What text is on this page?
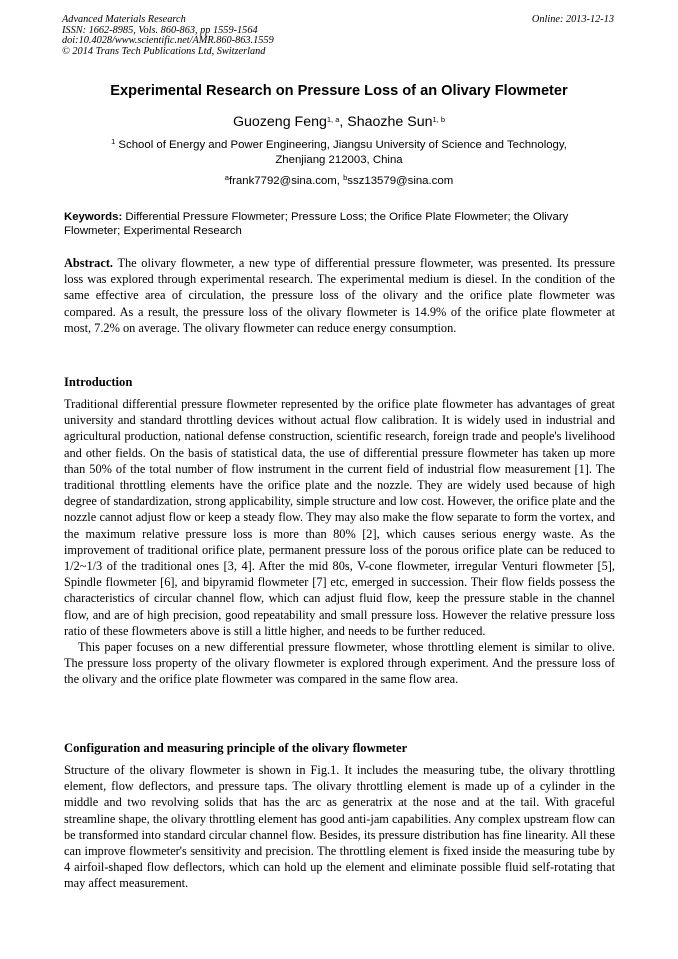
Advanced Materials Research
ISSN: 1662-8985, Vols. 860-863, pp 1559-1564
doi:10.4028/www.scientific.net/AMR.860-863.1559
© 2014 Trans Tech Publications Ltd, Switzerland
Online: 2013-12-13
Experimental Research on Pressure Loss of an Olivary Flowmeter
Guozeng Feng$^{1, a}$, Shaozhe Sun$^{1, b}$
$^1$ School of Energy and Power Engineering, Jiangsu University of Science and Technology,
Zhenjiang 212003, China
$^a$frank7792@sina.com, $^b$ssz13579@sina.com
Keywords: Differential Pressure Flowmeter; Pressure Loss; the Orifice Plate Flowmeter; the Olivary Flowmeter; Experimental Research
Abstract. The olivary flowmeter, a new type of differential pressure flowmeter, was presented. Its pressure loss was explored through experimental research. The experimental medium is diesel. In the condition of the same effective area of circulation, the pressure loss of the olivary and the orifice plate flowmeter was compared. As a result, the pressure loss of the olivary flowmeter is 14.9% of the orifice plate flowmeter at most, 7.2% on average. The olivary flowmeter can reduce energy consumption.
Introduction

Traditional differential pressure flowmeter represented by the orifice plate flowmeter has advantages of great university and standard throttling devices without actual flow calibration. It is widely used in industrial and agricultural production, national defense construction, scientific research, foreign trade and people's livelihood and other fields. On the basis of statistical data, the use of differential pressure flowmeter has taken up more than 50% of the total number of flow instrument in the current field of industrial flow measurement [1]. The traditional throttling elements have the orifice plate and the nozzle. They are widely used because of high degree of standardization, strong applicability, simple structure and low cost. However, the orifice plate and the nozzle cannot adjust flow or keep a steady flow. They may also make the flow separate to form the vortex, and the maximum relative pressure loss is more than 80% [2], which causes serious energy waste. As the improvement of traditional orifice plate, permanent pressure loss of the porous orifice plate can be reduced to 1/2~1/3 of the traditional ones [3, 4]. After the mid 80s, V-cone flowmeter, irregular Venturi flowmeter [5], Spindle flowmeter [6], and bipyramid flowmeter [7] etc, emerged in succession. Their flow fields possess the characteristics of circular channel flow, which can adjust fluid flow, keep the pressure stable in the channel flow, and are of high precision, good repeatability and small pressure loss. However the relative pressure loss ratio of these flowmeters above is still a little higher, and needs to be further reduced.

This paper focuses on a new differential pressure flowmeter, whose throttling element is similar to olive. The pressure loss property of the olivary flowmeter is explored through experiment. And the pressure loss of the olivary and the orifice plate flowmeter was compared in the same flow area.

Configuration and measuring principle of the olivary flowmeter

Structure of the olivary flowmeter is shown in Fig.1. It includes the measuring tube, the olivary throttling element, flow deflectors, and pressure taps. The olivary throttling element is made up of a cylinder in the middle and two revolving solids that has the arc as generatrix at the nose and at the tail. With graceful streamline shape, the olivary throttling element has good anti-jam capabilities. Any complex upstream flow can be transformed into standard circular channel flow. Besides, its pressure distribution has fine linearity. All these can improve flowmeter's sensitivity and precision. The throttling element is fixed inside the measuring tube by 4 airfoil-shaped flow deflectors, which can hold up the element and eliminate possible fluid self-rotating that may affect measurement.
